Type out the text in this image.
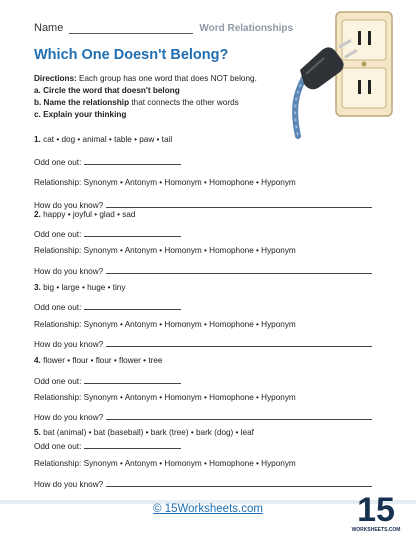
Name	Word Relationships
Which One Doesn't Belong?
Directions: Each group has one word that does NOT belong.
a. Circle the word that doesn't belong
b. Name the relationship that connects the other words
c. Explain your thinking
1. cat • dog • animal • table • paw • tail
Odd one out:
Relationship: Synonym • Antonym • Homonym • Homophone • Hyponym
How do you know?
2. happy • joyful • glad • sad
Odd one out:
Relationship: Synonym • Antonym • Homonym • Homophone • Hyponym
How do you know?
3. big • large • huge • tiny
Odd one out:
Relationship: Synonym • Antonym • Homonym • Homophone • Hyponym
How do you know?
4. flower • flour • flour • flower • tree
Odd one out:
Relationship: Synonym • Antonym • Homonym • Homophone • Hyponym
How do you know?
5. bat (animal) • bat (baseball) • bark (tree) • bark (dog) • leaf
Odd one out:
Relationship: Synonym • Antonym • Homonym • Homophone • Hyponym
How do you know?
© 15Worksheets.com	15
WORKSHEETS.COM
